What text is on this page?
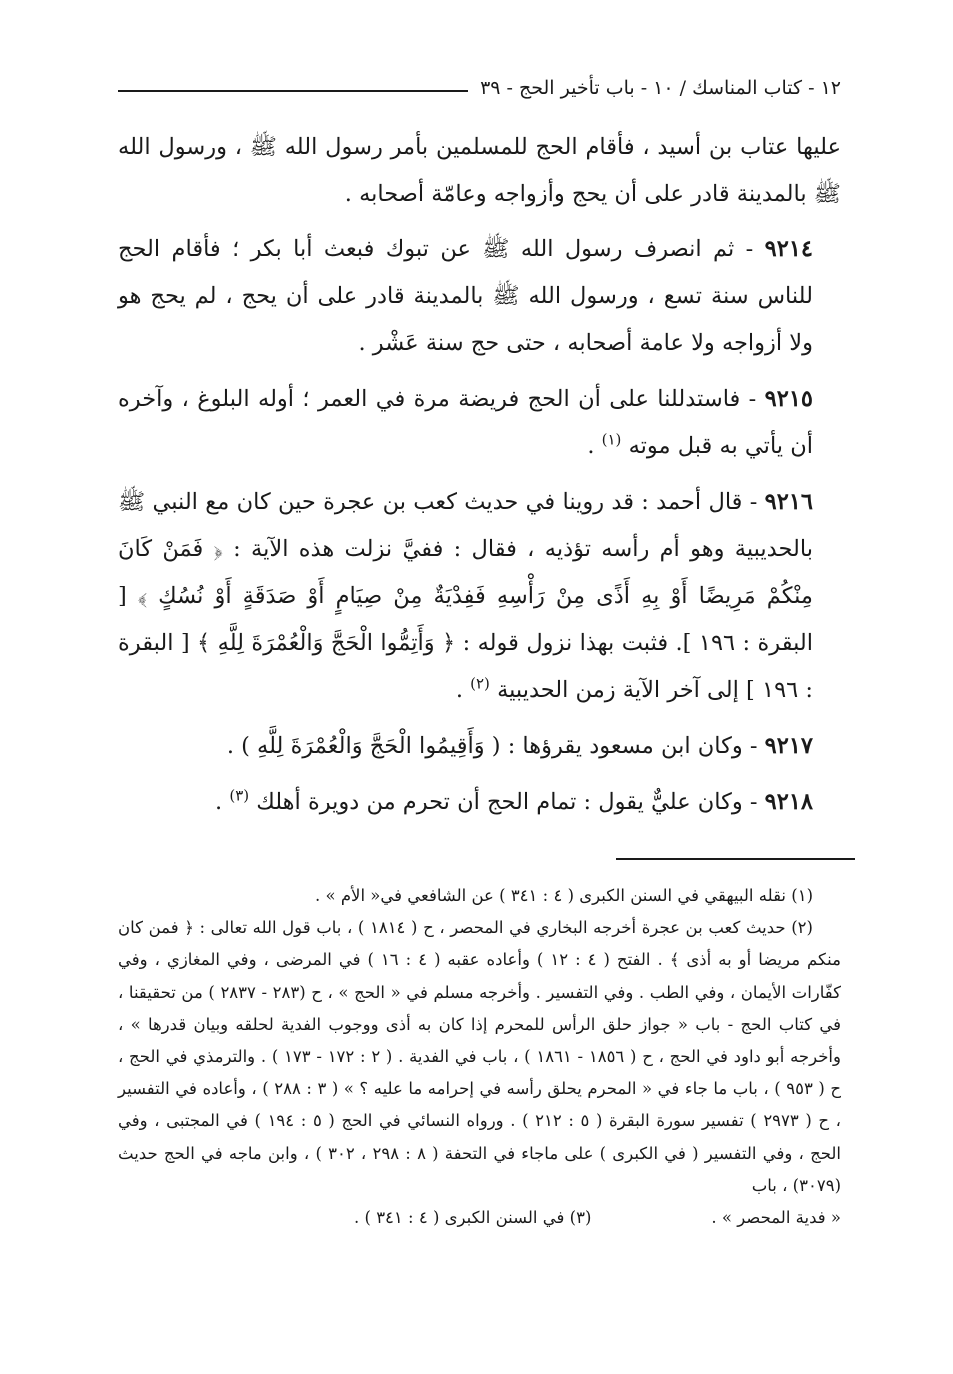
١٢ - كتاب المناسك / ١٠ - باب تأخير الحج - ٣٩

عليها عتاب بن أسيد ، فأقام الحج للمسلمين بأمر رسول الله ﷺ ، ورسول الله ﷺ بالمدينة قادر على أن يحج وأزواجه وعامّة أصحابه .

٩٢١٤ - ثم انصرف رسول الله ﷺ عن تبوك فبعث أبا بكر ؛ فأقام الحج للناس سنة تسع ، ورسول الله ﷺ بالمدينة قادر على أن يحج ، لم يحج هو ولا أزواجه ولا عامة أصحابه ، حتى حج سنة عَشْر .

٩٢١٥ - فاستدللنا على أن الحج فريضة مرة في العمر ؛ أوله البلوغ ، وآخره أن يأتي به قبل موته $^{(١)}$ .

٩٢١٦ - قال أحمد : قد روينا في حديث كعب بن عجرة حين كان مع النبي ﷺ بالحديبية وهو أم رأسه تؤذيه ، فقال : ففيَّ نزلت هذه الآية : ﴿ فَمَنْ كَانَ مِنْكُمْ مَرِيضًا أَوْ بِهِ أَذًى مِنْ رَأْسِهِ فَفِدْيَةٌ مِنْ صِيَامٍ أَوْ صَدَقَةٍ أَوْ نُسُكٍ ﴾ [ البقرة : ١٩٦ ]. فثبت بهذا نزول قوله : ﴿ وَأَتِمُّوا الْحَجَّ وَالْعُمْرَةَ لِلَّهِ ﴾ [ البقرة : ١٩٦ ] إلى آخر الآية زمن الحديبية $^{(٢)}$ .

٩٢١٧ - وكان ابن مسعود يقرؤها : ( وَأَقِيمُوا الْحَجَّ وَالْعُمْرَةَ لِلَّهِ ) .

٩٢١٨ - وكان عليٌّ يقول : تمام الحج أن تحرم من دويرة أهلك $^{(٣)}$ .

(١) نقله البيهقي في السنن الكبرى ( ٤ : ٣٤١ ) عن الشافعي في« الأم » .

(٢) حديث كعب بن عجرة أخرجه البخاري في المحصر ، ح ( ١٨١٤ ) ، باب قول الله تعالى : ﴿ فمن كان منكم مريضا أو به أذى ﴾ . الفتح ( ٤ : ١٢ ) وأعاده عقبه ( ٤ : ١٦ ) في المرضى ، وفي المغازي ، وفي كفّارات الأيمان ، وفي الطب . وفي التفسير . وأخرجه مسلم في « الحج » ، ح (٢٨٣ - ٢٨٣٧ ) من تحقيقنا ، في كتاب الحج - باب « جواز حلق الرأس للمحرم إذا كان به أذى ووجوب الفدية لحلقه وبيان قدرها » ، وأخرجه أبو داود في الحج ، ح ( ١٨٥٦ - ١٨٦١ ) ، باب في الفدية . ( ٢ : ١٧٢ - ١٧٣ ) . والترمذي في الحج ، ح ( ٩٥٣ ) ، باب ما جاء في « المحرم يحلق رأسه في إحرامه ما عليه ؟ » ( ٣ : ٢٨٨ ) ، وأعاده في التفسير ، ح ( ٢٩٧٣ ) تفسير سورة البقرة ( ٥ : ٢١٢ ) . ورواه النسائي في الحج ( ٥ : ١٩٤ ) في المجتبى ، وفي الحج ، وفي التفسير ( في الكبرى ) على ماجاء في التحفة ( ٨ : ٢٩٨ ، ٣٠٢ ) ، وابن ماجه في الحج حديث (٣٠٧٩) ، باب

« فدية المحصر » .
(٣) في السنن الكبرى ( ٤ : ٣٤١ ) .
